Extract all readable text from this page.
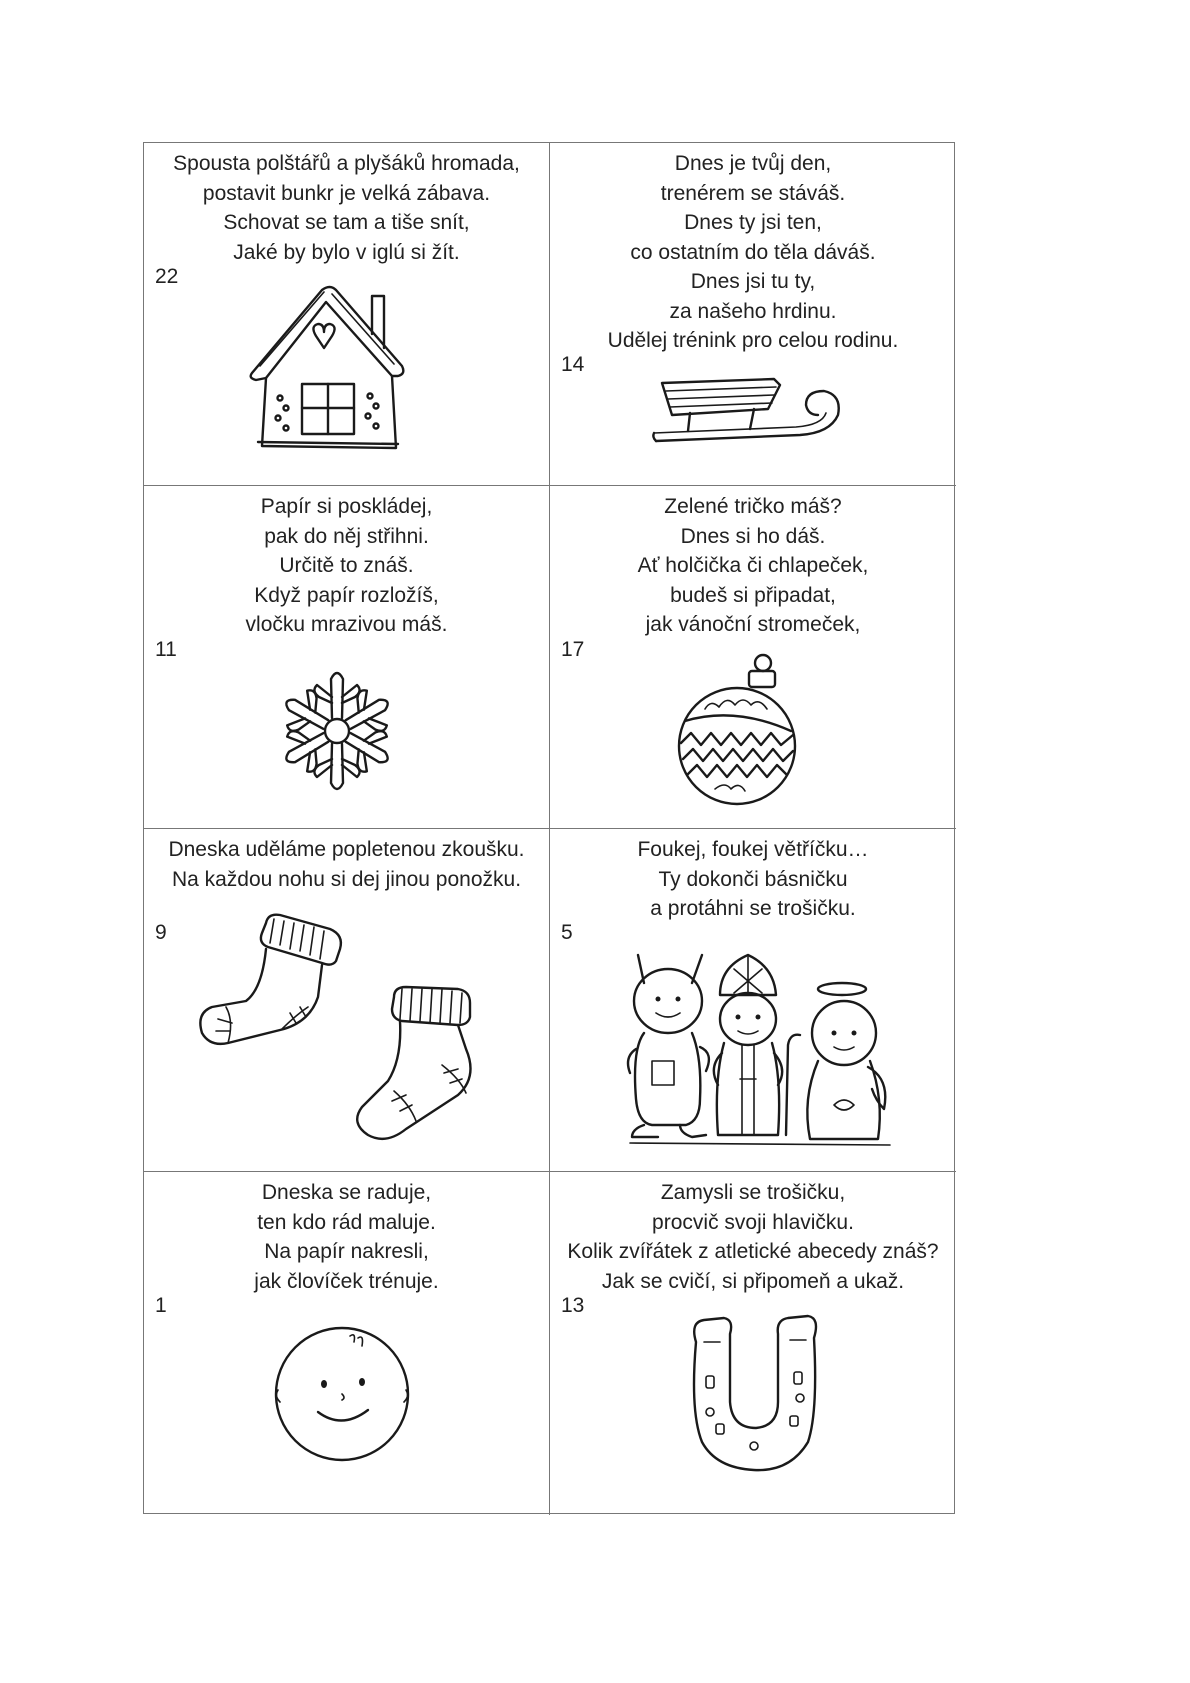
Spousta polštářů a plyšáků hromada,
postavit bunkr je velká zábava.
Schovat se tam a tiše snít,
Jaké by bylo v iglú si žít.
22
Dnes je tvůj den,
trenérem se stáváš.
Dnes ty jsi ten,
co ostatním do těla dáváš.
Dnes jsi tu ty,
za našeho hrdinu.
Udělej trénink pro celou rodinu.
14
Papír si poskládej,
pak do něj střihni.
Určitě to znáš.
Když papír rozložíš,
vločku mrazivou máš.
11
Zelené tričko máš?
Dnes si ho dáš.
Ať holčička či chlapeček,
budeš si připadat,
jak vánoční stromeček,
17
Dneska uděláme popletenou zkoušku.
Na každou nohu si dej jinou ponožku.
9
Foukej, foukej větříčku…
Ty dokonči básničku
a protáhni se trošičku.
5
Dneska se raduje,
ten kdo rád maluje.
Na papír nakresli,
jak človíček trénuje.
1
Zamysli se trošičku,
procvič svoji hlavičku.
Kolik zvířátek z atletické abecedy znáš?
Jak se cvičí, si připomeň a ukaž.
13
